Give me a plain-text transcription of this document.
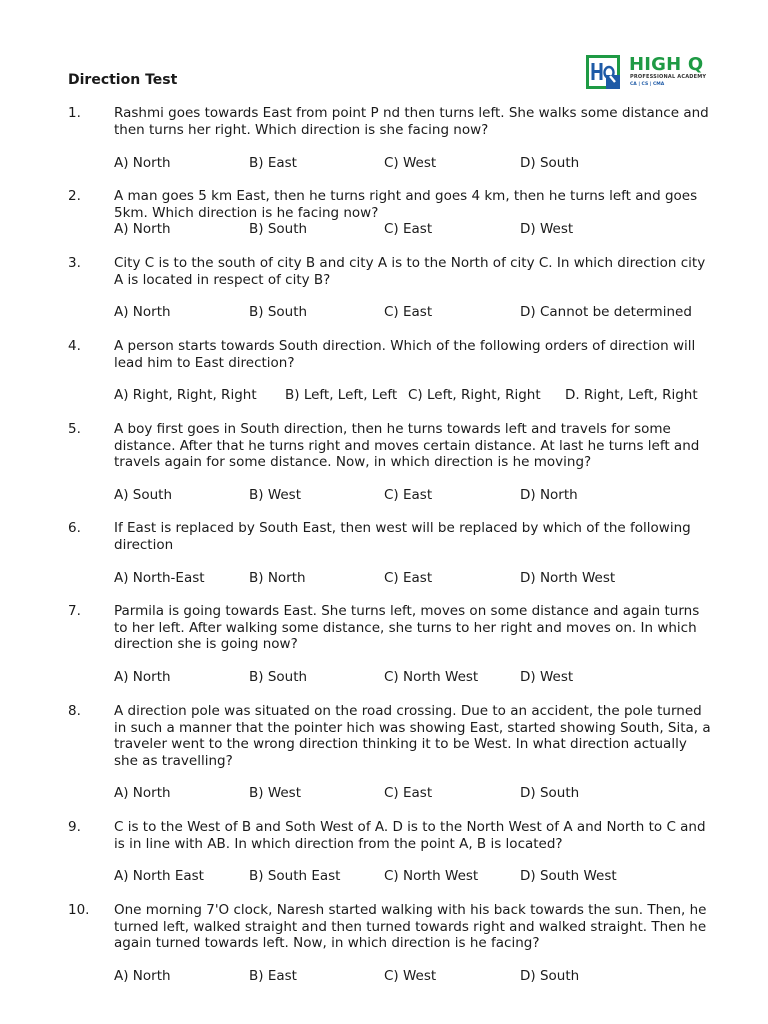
Direction Test
HIGH Q
PROFESSIONAL ACADEMY
CA | CS | CMA
1. Rashmi goes towards East from point P nd then turns left. She walks some distance and then turns her right. Which direction is she facing now?
A) North	B) East	C) West	D) South
2. A man goes 5 km East, then he turns right and goes 4 km, then he turns left and goes 5km. Which direction is he facing now?
A) North	B) South	C) East	D) West
3. City C is to the south of city B and city A is to the North of city C. In which direction city A is located in respect of city B?
A) North	B) South	C) East	D) Cannot be determined
4. A person starts towards South direction. Which of the following orders of direction will lead him to East direction?
A) Right, Right, Right B) Left, Left, Left C) Left, Right, Right D. Right, Left, Right
5. A boy first goes in South direction, then he turns towards left and travels for some distance. After that he turns right and moves certain distance. At last he turns left and travels again for some distance. Now, in which direction is he moving?
A) South	B) West	C) East	D) North
6. If East is replaced by South East, then west will be replaced by which of the following direction
A) North-East	B) North	C) East	D) North West
7. Parmila is going towards East. She turns left, moves on some distance and again turns to her left. After walking some distance, she turns to her right and moves on. In which direction she is going now?
A) North	B) South	C) North West	D) West
8. A direction pole was situated on the road crossing. Due to an accident, the pole turned in such a manner that the pointer hich was showing East, started showing South, Sita, a traveler went to the wrong direction thinking it to be West. In what direction actually she as travelling?
A) North	B) West	C) East	D) South
9. C is to the West of B and Soth West of A. D is to the North West of A and North to C and is in line with AB. In which direction from the point A, B is located?
A) North East	B) South East	C) North West	D) South West
10. One morning 7'O clock, Naresh started walking with his back towards the sun. Then, he turned left, walked straight and then turned towards right and walked straight. Then he again turned towards left. Now, in which direction is he facing?
A) North	B) East	C) West	D) South
